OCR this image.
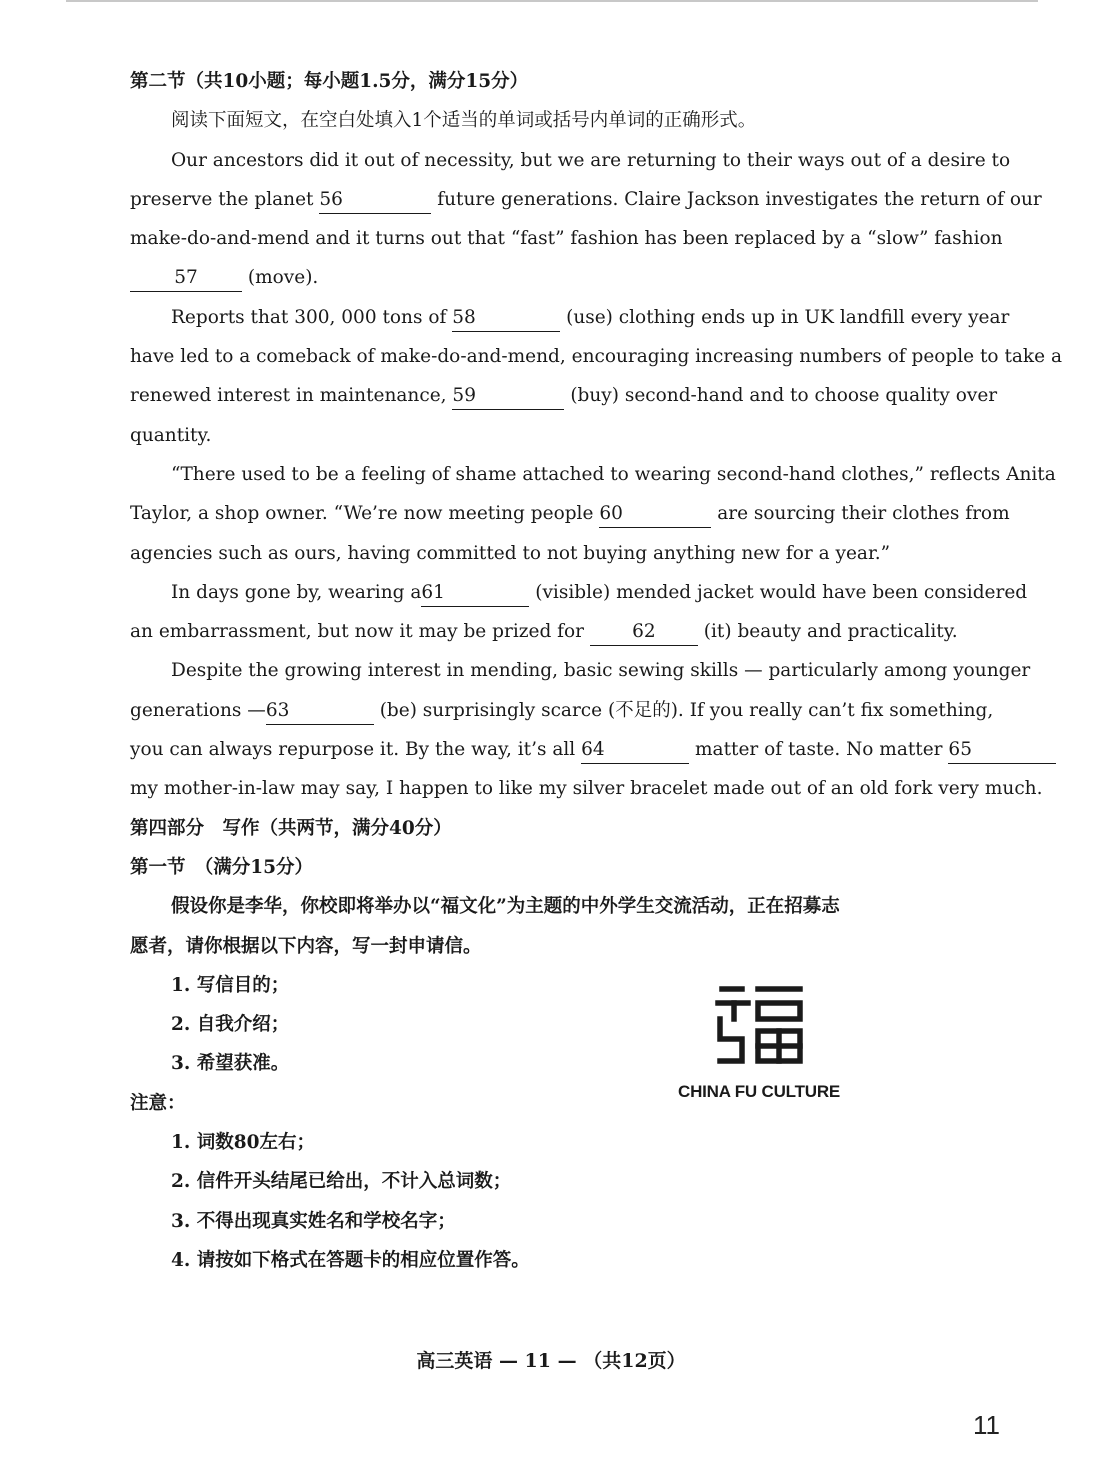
第二节（共10小题；每小题1.5分，满分15分）
阅读下面短文，在空白处填入1个适当的单词或括号内单词的正确形式。
Our ancestors did it out of necessity, but we are returning to their ways out of a desire to
preserve the planet 56	future generations. Claire Jackson investigates the return of our
make-do-and-mend and it turns out that “fast” fashion has been replaced by a “slow” fashion
57	(move).
Reports that 300, 000 tons of 58	(use) clothing ends up in UK landfill every year
have led to a comeback of make-do-and-mend, encouraging increasing numbers of people to take a
renewed interest in maintenance, 59	(buy) second-hand and to choose quality over
quantity.
“There used to be a feeling of shame attached to wearing second-hand clothes,” reflects Anita
Taylor, a shop owner. “We’re now meeting people 60	are sourcing their clothes from
agencies such as ours, having committed to not buying anything new for a year.”
In days gone by, wearing a61	(visible) mended jacket would have been considered
an embarrassment, but now it may be prized for	62	(it) beauty and practicality.
Despite the growing interest in mending, basic sewing skills — particularly among younger
generations —63	(be) surprisingly scarce (不足的). If you really can’t fix something,
you can always repurpose it. By the way, it’s all 64	matter of taste. No matter 65
my mother-in-law may say, I happen to like my silver bracelet made out of an old fork very much.
第四部分　写作（共两节，满分40分）
第一节　（满分15分）
假设你是李华，你校即将举办以“福文化”为主题的中外学生交流活动，正在招募志
愿者，请你根据以下内容，写一封申请信。
1. 写信目的；
2. 自我介绍；
3. 希望获准。
注意：
1. 词数80左右；
2. 信件开头结尾已给出，不计入总词数；
3. 不得出现真实姓名和学校名字；
4. 请按如下格式在答题卡的相应位置作答。
CHINA FU CULTURE
高三英语 — 11 — （共12页）
11
